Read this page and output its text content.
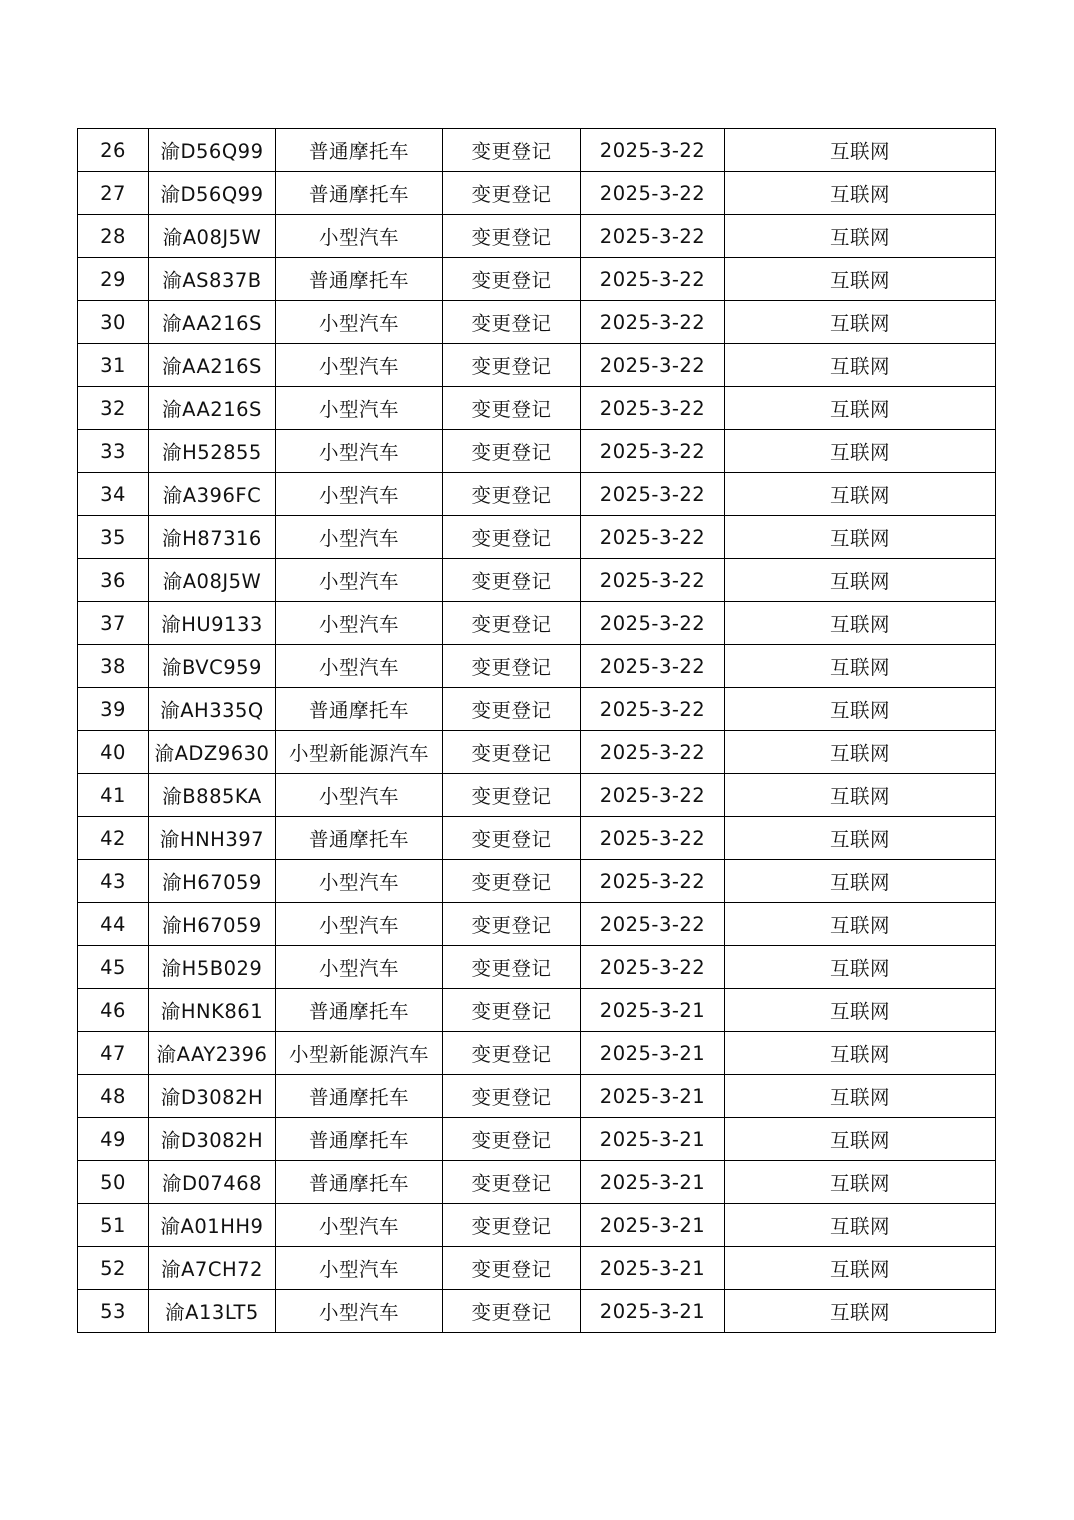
26	渝D56Q99	普通摩托车	变更登记	2025-3-22	互联网
27	渝D56Q99	普通摩托车	变更登记	2025-3-22	互联网
28	渝A08J5W	小型汽车	变更登记	2025-3-22	互联网
29	渝AS837B	普通摩托车	变更登记	2025-3-22	互联网
30	渝AA216S	小型汽车	变更登记	2025-3-22	互联网
31	渝AA216S	小型汽车	变更登记	2025-3-22	互联网
32	渝AA216S	小型汽车	变更登记	2025-3-22	互联网
33	渝H52855	小型汽车	变更登记	2025-3-22	互联网
34	渝A396FC	小型汽车	变更登记	2025-3-22	互联网
35	渝H87316	小型汽车	变更登记	2025-3-22	互联网
36	渝A08J5W	小型汽车	变更登记	2025-3-22	互联网
37	渝HU9133	小型汽车	变更登记	2025-3-22	互联网
38	渝BVC959	小型汽车	变更登记	2025-3-22	互联网
39	渝AH335Q	普通摩托车	变更登记	2025-3-22	互联网
40	渝ADZ9630	小型新能源汽车	变更登记	2025-3-22	互联网
41	渝B885KA	小型汽车	变更登记	2025-3-22	互联网
42	渝HNH397	普通摩托车	变更登记	2025-3-22	互联网
43	渝H67059	小型汽车	变更登记	2025-3-22	互联网
44	渝H67059	小型汽车	变更登记	2025-3-22	互联网
45	渝H5B029	小型汽车	变更登记	2025-3-22	互联网
46	渝HNK861	普通摩托车	变更登记	2025-3-21	互联网
47	渝AAY2396	小型新能源汽车	变更登记	2025-3-21	互联网
48	渝D3082H	普通摩托车	变更登记	2025-3-21	互联网
49	渝D3082H	普通摩托车	变更登记	2025-3-21	互联网
50	渝D07468	普通摩托车	变更登记	2025-3-21	互联网
51	渝A01HH9	小型汽车	变更登记	2025-3-21	互联网
52	渝A7CH72	小型汽车	变更登记	2025-3-21	互联网
53	渝A13LT5	小型汽车	变更登记	2025-3-21	互联网
